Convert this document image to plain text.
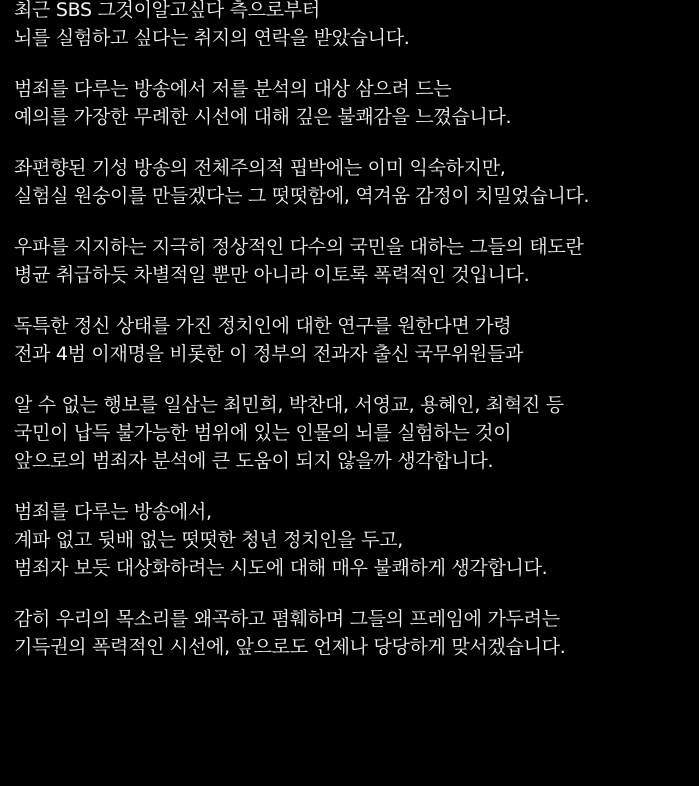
최근 SBS 그것이알고싶다 측으로부터
뇌를 실험하고 싶다는 취지의 연락을 받았습니다.
범죄를 다루는 방송에서 저를 분석의 대상 삼으려 드는
예의를 가장한 무례한 시선에 대해 깊은 불쾌감을 느꼈습니다.
좌편향된 기성 방송의 전체주의적 핍박에는 이미 익숙하지만,
실험실 원숭이를 만들겠다는 그 떳떳함에, 역겨움 감정이 치밀었습니다.
우파를 지지하는 지극히 정상적인 다수의 국민을 대하는 그들의 태도란
병균 취급하듯 차별적일 뿐만 아니라 이토록 폭력적인 것입니다.
독특한 정신 상태를 가진 정치인에 대한 연구를 원한다면 가령
전과 4범 이재명을 비롯한 이 정부의 전과자 출신 국무위원들과
알 수 없는 행보를 일삼는 최민희, 박찬대, 서영교, 용혜인, 최혁진 등
국민이 납득 불가능한 범위에 있는 인물의 뇌를 실험하는 것이
앞으로의 범죄자 분석에 큰 도움이 되지 않을까 생각합니다.
범죄를 다루는 방송에서,
계파 없고 뒷배 없는 떳떳한 청년 정치인을 두고,
범죄자 보듯 대상화하려는 시도에 대해 매우 불쾌하게 생각합니다.
감히 우리의 목소리를 왜곡하고 폄훼하며 그들의 프레임에 가두려는
기득권의 폭력적인 시선에, 앞으로도 언제나 당당하게 맞서겠습니다.
